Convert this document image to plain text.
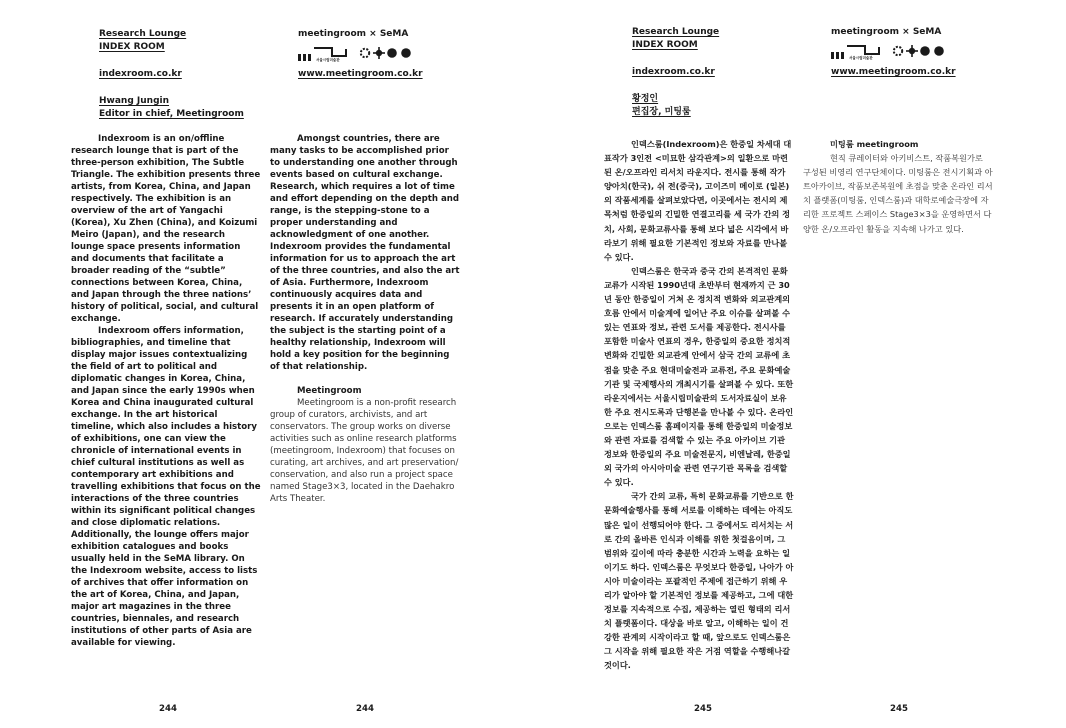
Research Lounge
INDEX ROOM
indexroom.co.kr
Hwang Jungin
Editor in chief, Meetingroom
meetingroom × SeMA
서울시립미술관
www.meetingroom.co.kr

Indexroom is an on/offline research lounge that is part of the three-person exhibition, The Subtle Triangle. The exhibition presents three artists, from Korea, China, and Japan respectively. The exhibition is an overview of the art of Yangachi (Korea), Xu Zhen (China), and Koizumi Meiro (Japan), and the research lounge space presents information and documents that facilitate a broader reading of the “subtle” connections between Korea, China, and Japan through the three nations’ history of political, social, and cultural exchange.

Indexroom offers information, bibliographies, and timeline that display major issues contextualizing the field of art to political and diplomatic changes in Korea, China, and Japan since the early 1990s when Korea and China inaugurated cultural exchange. In the art historical timeline, which also includes a history of exhibitions, one can view the chronicle of international events in chief cultural institutions as well as contemporary art exhibitions and travelling exhibitions that focus on the interactions of the three countries within its significant political changes and close diplomatic relations. Additionally, the lounge offers major exhibition catalogues and books usually held in the SeMA library. On the Indexroom website, access to lists of archives that offer information on the art of Korea, China, and Japan, major art magazines in the three countries, biennales, and research institutions of other parts of Asia are available for viewing.

Amongst countries, there are many tasks to be accomplished prior to understanding one another through events based on cultural exchange. Research, which requires a lot of time and effort depending on the depth and range, is the stepping-stone to a proper understanding and acknowledgment of one another. Indexroom provides the fundamental information for us to approach the art of the three countries, and also the art of Asia. Furthermore, Indexroom continuously acquires data and presents it in an open platform of research. If accurately understanding the subject is the starting point of a healthy relationship, Indexroom will hold a key position for the beginning of that relationship.

Meetingroom

Meetingroom is a non-profit research group of curators, archivists, and art conservators. The group works on diverse activities such as online research platforms (meetingroom, Indexroom) that focuses on curating, art archives, and art preservation/ conservation, and also run a project space named Stage3×3, located in the Daehakro Arts Theater.

244	244
Research Lounge
INDEX ROOM
indexroom.co.kr
황정인
편집장, 미팅룸
meetingroom × SeMA
서울시립미술관
www.meetingroom.co.kr

인덱스룸(Indexroom)은 한중일 차세대 대표작가 3인전 <미묘한 삼각관계>의 일환으로 마련된 온/오프라인 리서치 라운지다. 전시를 통해 작가 양아치(한국), 쉬 전(중국), 고이즈미 메이로 (일본)의 작품세계를 살펴보았다면, 이곳에서는 전시의 제목처럼 한중일의 긴밀한 연결고리를 세 국가 간의 정치, 사회, 문화교류사를 통해 보다 넓은 시각에서 바라보기 위해 필요한 기본적인 정보와 자료를 만나볼 수 있다.

인덱스룸은 한국과 중국 간의 본격적인 문화교류가 시작된 1990년대 초반부터 현재까지 근 30년 동안 한중일이 거쳐 온 정치적 변화와 외교관계의 흐름 안에서 미술계에 일어난 주요 이슈를 살펴볼 수 있는 연표와 정보, 관련 도서를 제공한다. 전시사를 포함한 미술사 연표의 경우, 한중일의 중요한 정치적 변화와 긴밀한 외교관계 안에서 삼국 간의 교류에 초점을 맞춘 주요 현대미술전과 교류전, 주요 문화예술기관 및 국제행사의 개최시기를 살펴볼 수 있다. 또한 라운지에서는 서울시립미술관의 도서자료실이 보유한 주요 전시도록과 단행본을 만나볼 수 있다. 온라인으로는 인덱스룸 홈페이지를 통해 한중일의 미술정보와 관련 자료를 검색할 수 있는 주요 아카이브 기관 정보와 한중일의 주요 미술전문지, 비엔날레, 한중일 외 국가의 아시아미술 관련 연구기관 목록을 검색할 수 있다.

국가 간의 교류, 특히 문화교류를 기반으로 한 문화예술행사를 통해 서로를 이해하는 데에는 아직도 많은 일이 선행되어야 한다. 그 중에서도 리서치는 서로 간의 올바른 인식과 이해를 위한 첫걸음이며, 그 범위와 깊이에 따라 충분한 시간과 노력을 요하는 일이기도 하다. 인덱스룸은 무엇보다 한중일, 나아가 아시아 미술이라는 포괄적인 주제에 접근하기 위해 우리가 알아야 할 기본적인 정보를 제공하고, 그에 대한 정보를 지속적으로 수집, 제공하는 열린 형태의 리서치 플랫폼이다. 대상을 바로 알고, 이해하는 일이 건강한 관계의 시작이라고 할 때, 앞으로도 인덱스룸은 그 시작을 위해 필요한 작은 거점 역할을 수행해나갈 것이다.

미팅룸 meetingroom

현직 큐레이터와 아키비스트, 작품복원가로 구성된 비영리 연구단체이다. 미팅룸은 전시기획과 아트아카이브, 작품보존복원에 초점을 맞춘 온라인 리서치 플랫폼(미팅룸, 인덱스룸)과 대학로예술극장에 자리한 프로젝트 스페이스 Stage3×3을 운영하면서 다양한 온/오프라인 활동을 지속해 나가고 있다.

245	245
